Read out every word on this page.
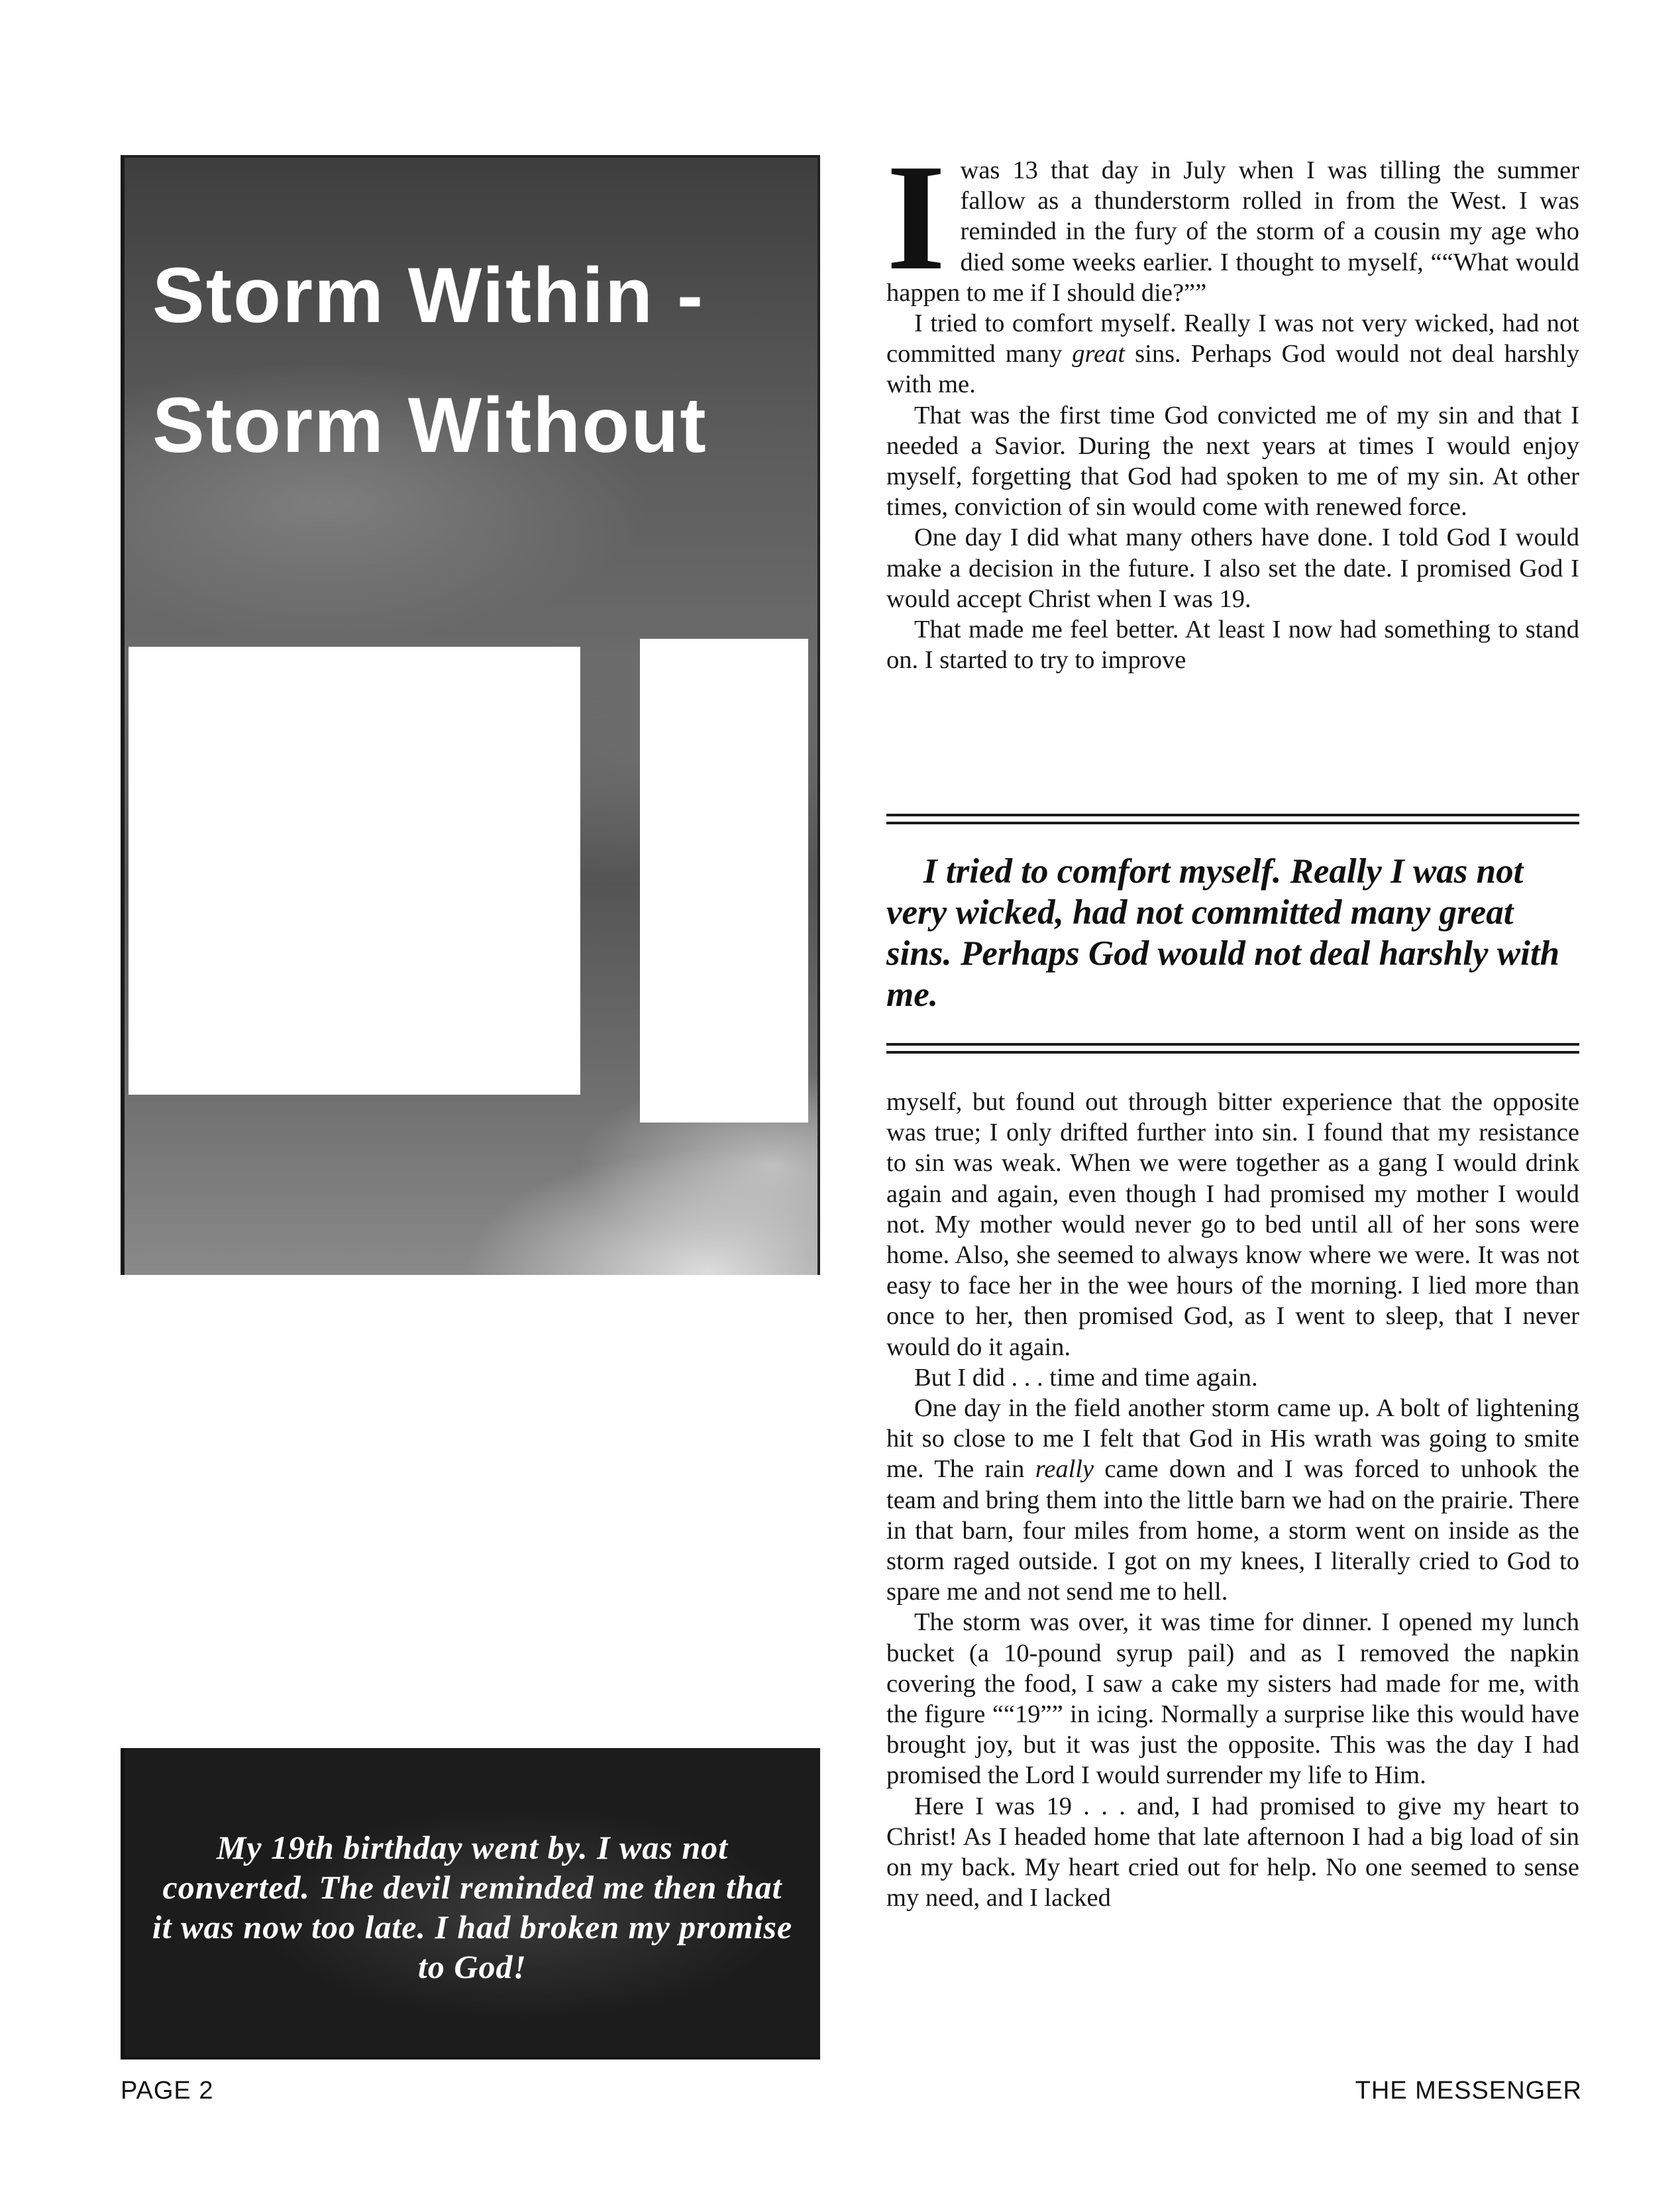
Storm Within -
Storm Without

My 19th birthday went by. I was not converted. The devil reminded me then that it was now too late. I had broken my promise to God!

Iwas 13 that day in July when I was tilling the summer fallow as a thunderstorm rolled in from the West. I was reminded in the fury of the storm of a cousin my age who died some weeks earlier. I thought to myself, ““What would happen to me if I should die?””

I tried to comfort myself. Really I was not very wicked, had not committed many great sins. Perhaps God would not deal harshly with me.

That was the first time God convicted me of my sin and that I needed a Savior. During the next years at times I would enjoy myself, forgetting that God had spoken to me of my sin. At other times, conviction of sin would come with renewed force.

One day I did what many others have done. I told God I would make a decision in the future. I also set the date. I promised God I would accept Christ when I was 19.

That made me feel better. At least I now had something to stand on. I started to try to improve

I tried to comfort myself. Really I was not very wicked, had not committed many great sins. Perhaps God would not deal harshly with me.

myself, but found out through bitter experience that the opposite was true; I only drifted further into sin. I found that my resistance to sin was weak. When we were together as a gang I would drink again and again, even though I had promised my mother I would not. My mother would never go to bed until all of her sons were home. Also, she seemed to always know where we were. It was not easy to face her in the wee hours of the morning. I lied more than once to her, then promised God, as I went to sleep, that I never would do it again.

But I did . . . time and time again.

One day in the field another storm came up. A bolt of lightening hit so close to me I felt that God in His wrath was going to smite me. The rain really came down and I was forced to unhook the team and bring them into the little barn we had on the prairie. There in that barn, four miles from home, a storm went on inside as the storm raged outside. I got on my knees, I literally cried to God to spare me and not send me to hell.

The storm was over, it was time for dinner. I opened my lunch bucket (a 10-pound syrup pail) and as I removed the napkin covering the food, I saw a cake my sisters had made for me, with the figure ““19”” in icing. Normally a surprise like this would have brought joy, but it was just the opposite. This was the day I had promised the Lord I would surrender my life to Him.

Here I was 19 . . . and, I had promised to give my heart to Christ! As I headed home that late afternoon I had a big load of sin on my back. My heart cried out for help. No one seemed to sense my need, and I lacked

PAGE 2	THE MESSENGER
